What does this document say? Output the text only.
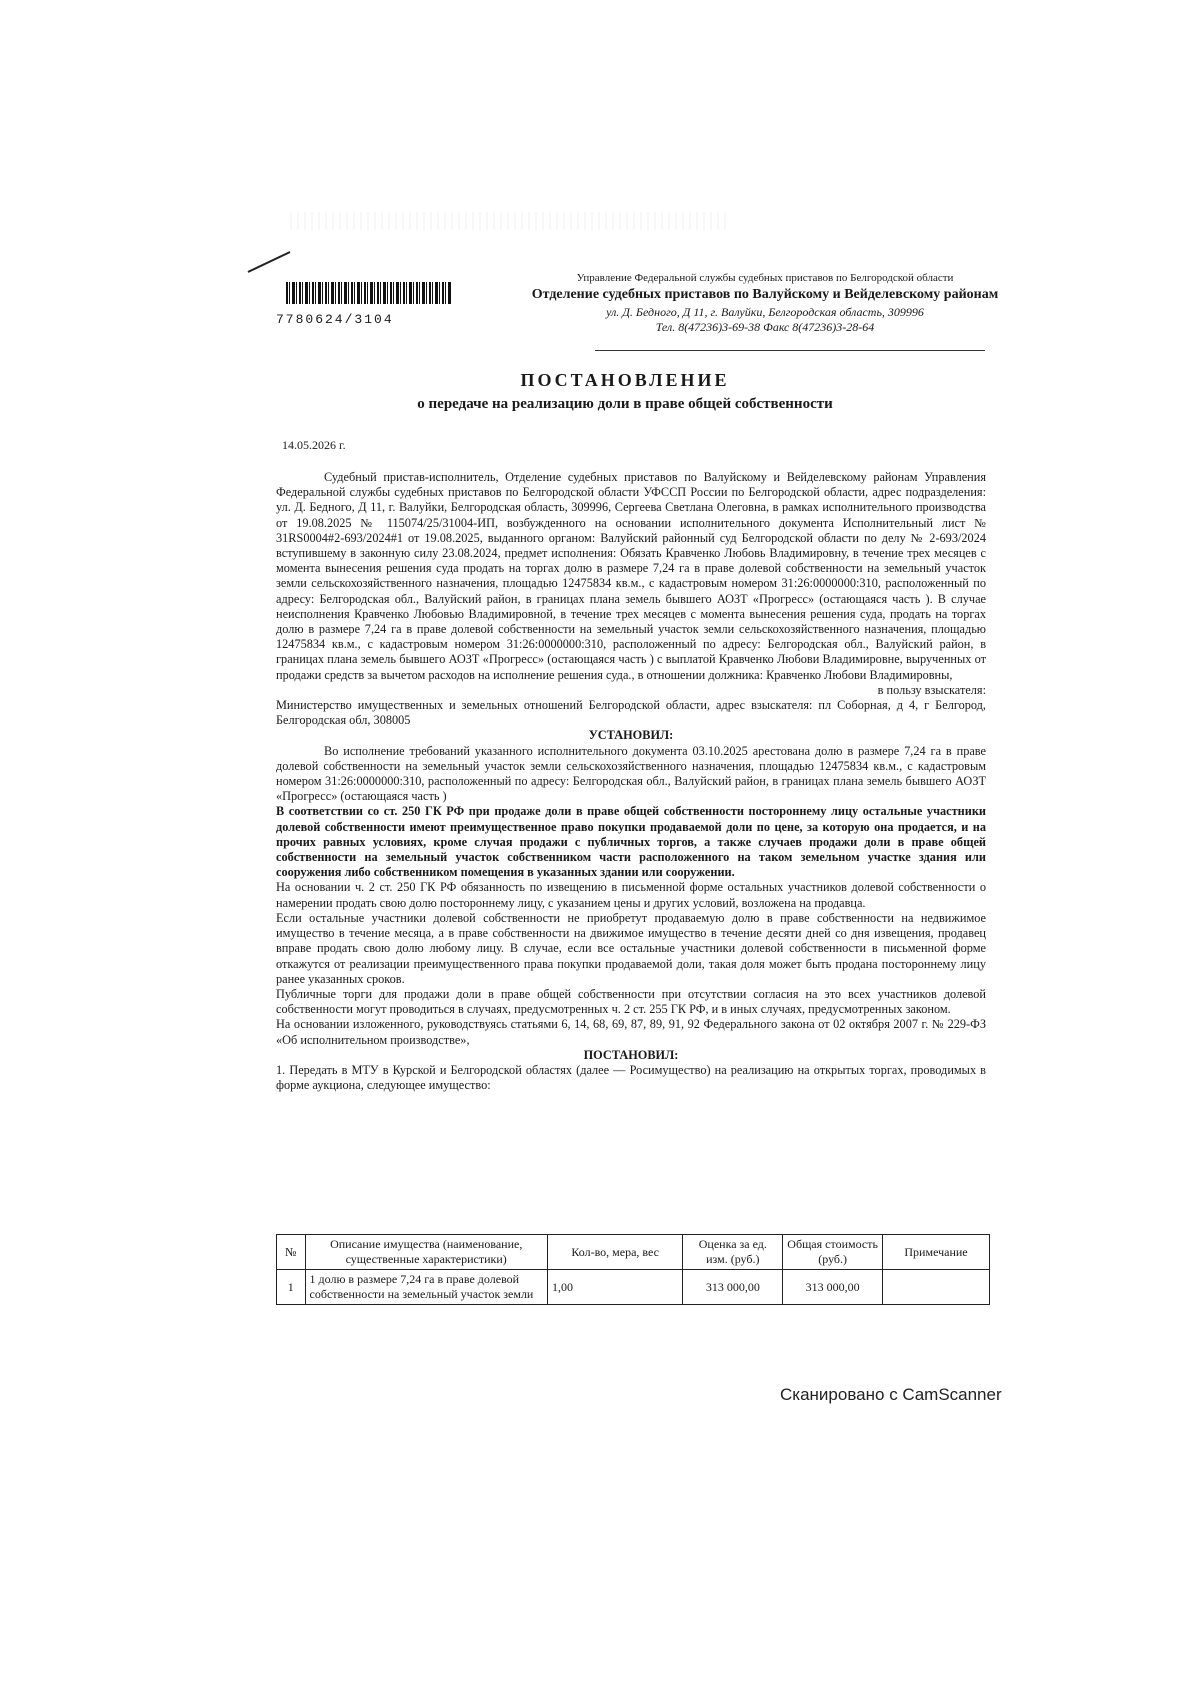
7780624/3104
Управление Федеральной службы судебных приставов по Белгородской области
Отделение судебных приставов по Валуйскому и Вейделевскому районам
ул. Д. Бедного, Д 11, г. Валуйки, Белгородская область, 309996
Тел. 8(47236)3-69-38 Факс 8(47236)3-28-64
ПОСТАНОВЛЕНИЕ
о передаче на реализацию доли в праве общей собственности
14.05.2026 г.

Судебный пристав-исполнитель, Отделение судебных приставов по Валуйскому и Вейделевскому районам Управления Федеральной службы судебных приставов по Белгородской области УФССП России по Белгородской области, адрес подразделения: ул. Д. Бедного, Д 11, г. Валуйки, Белгородская область, 309996, Сергеева Светлана Олеговна, в рамках исполнительного производства от 19.08.2025 № 115074/25/31004-ИП, возбужденного на основании исполнительного документа Исполнительный лист № 31RS0004#2-693/2024#1 от 19.08.2025, выданного органом: Валуйский районный суд Белгородской области по делу № 2-693/2024 вступившему в законную силу 23.08.2024, предмет исполнения: Обязать Кравченко Любовь Владимировну, в течение трех месяцев с момента вынесения решения суда продать на торгах долю в размере 7,24 га в праве долевой собственности на земельный участок земли сельскохозяйственного назначения, площадью 12475834 кв.м., с кадастровым номером 31:26:0000000:310, расположенный по адресу: Белгородская обл., Валуйский район, в границах плана земель бывшего АОЗТ «Прогресс» (остающаяся часть ). В случае неисполнения Кравченко Любовью Владимировной, в течение трех месяцев с момента вынесения решения суда, продать на торгах долю в размере 7,24 га в праве долевой собственности на земельный участок земли сельскохозяйственного назначения, площадью 12475834 кв.м., с кадастровым номером 31:26:0000000:310, расположенный по адресу: Белгородская обл., Валуйский район, в границах плана земель бывшего АОЗТ «Прогресс» (остающаяся часть ) с выплатой Кравченко Любови Владимировне, вырученных от продажи средств за вычетом расходов на исполнение решения суда., в отношении должника: Кравченко Любови Владимировны,

в пользу взыскателя:

Министерство имущественных и земельных отношений Белгородской области, адрес взыскателя: пл Соборная, д 4, г Белгород, Белгородская обл, 308005

УСТАНОВИЛ:

Во исполнение требований указанного исполнительного документа 03.10.2025 арестована долю в размере 7,24 га в праве долевой собственности на земельный участок земли сельскохозяйственного назначения, площадью 12475834 кв.м., с кадастровым номером 31:26:0000000:310, расположенный по адресу: Белгородская обл., Валуйский район, в границах плана земель бывшего АОЗТ «Прогресс» (остающаяся часть )

В соответствии со ст. 250 ГК РФ при продаже доли в праве общей собственности постороннему лицу остальные участники долевой собственности имеют преимущественное право покупки продаваемой доли по цене, за которую она продается, и на прочих равных условиях, кроме случая продажи с публичных торгов, а также случаев продажи доли в праве общей собственности на земельный участок собственником части расположенного на таком земельном участке здания или сооружения либо собственником помещения в указанных здании или сооружении.

На основании ч. 2 ст. 250 ГК РФ обязанность по извещению в письменной форме остальных участников долевой собственности о намерении продать свою долю постороннему лицу, с указанием цены и других условий, возложена на продавца.

Если остальные участники долевой собственности не приобретут продаваемую долю в праве собственности на недвижимое имущество в течение месяца, а в праве собственности на движимое имущество в течение десяти дней со дня извещения, продавец вправе продать свою долю любому лицу. В случае, если все остальные участники долевой собственности в письменной форме откажутся от реализации преимущественного права покупки продаваемой доли, такая доля может быть продана постороннему лицу ранее указанных сроков.

Публичные торги для продажи доли в праве общей собственности при отсутствии согласия на это всех участников долевой собственности могут проводиться в случаях, предусмотренных ч. 2 ст. 255 ГК РФ, и в иных случаях, предусмотренных законом.

На основании изложенного, руководствуясь статьями 6, 14, 68, 69, 87, 89, 91, 92 Федерального закона от 02 октября 2007 г. № 229-ФЗ «Об исполнительном производстве»,

ПОСТАНОВИЛ:

1. Передать в МТУ в Курской и Белгородской областях (далее — Росимущество) на реализацию на открытых торгах, проводимых в форме аукциона, следующее имущество:

№	Описание имущества (наименование, существенные характеристики)	Кол-во, мера, вес	Оценка за ед. изм. (руб.)	Общая стоимость (руб.)	Примечание
1	1 долю в размере 7,24 га в праве долевой собственности на земельный участок земли	1,00	313 000,00	313 000,00	
Сканировано с CamScanner
